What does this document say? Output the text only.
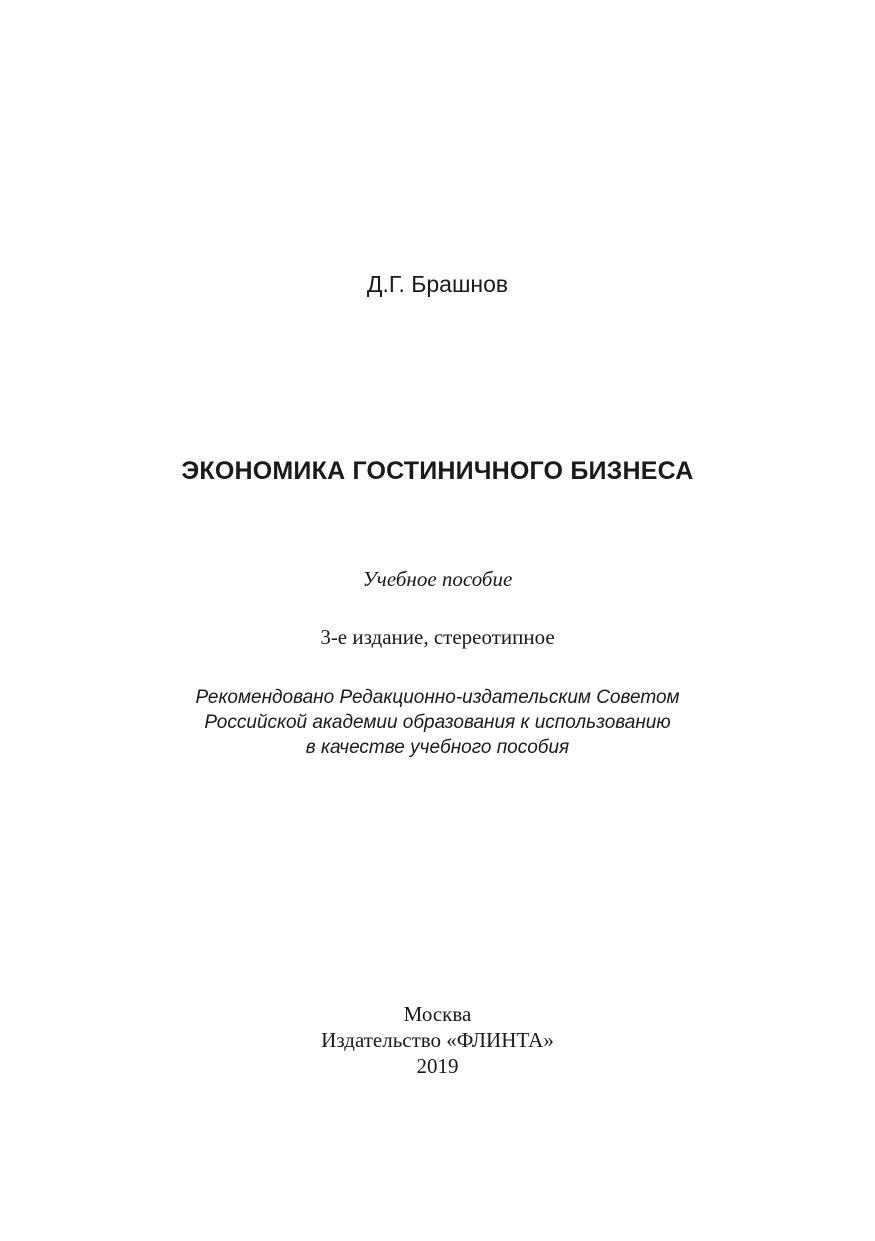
Д.Г. Брашнов

ЭКОНОМИКА ГОСТИНИЧНОГО БИЗНЕСА

Учебное пособие

3-е издание, стереотипное

Рекомендовано Редакционно-издательским Советом
Российской академии образования к использованию
в качестве учебного пособия
Москва
Издательство «ФЛИНТА»
2019
